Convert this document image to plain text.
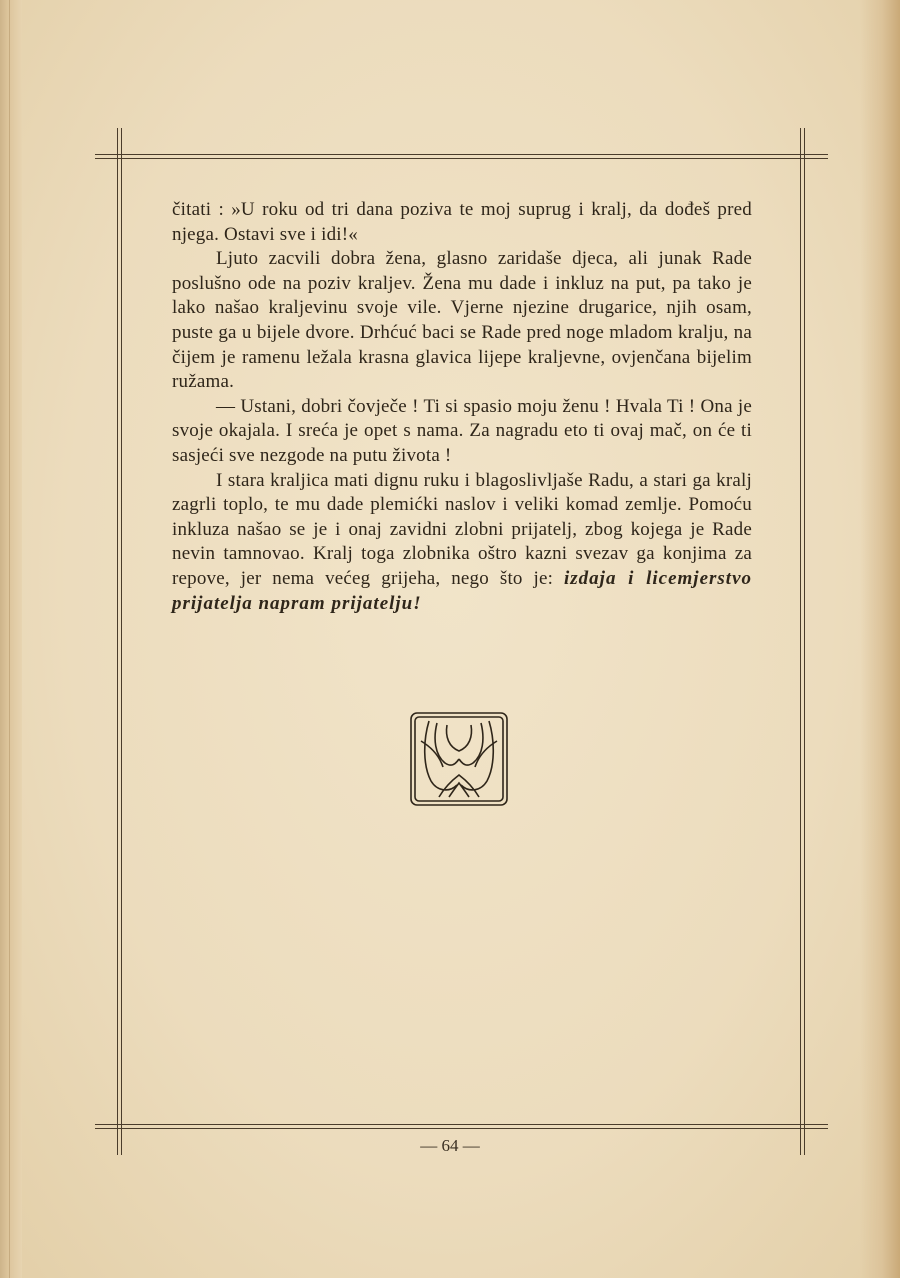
čitati : »U roku od tri dana poziva te moj suprug i kralj, da dođeš pred njega. Ostavi sve i idi!«

Ljuto zacvili dobra žena, glasno zaridaše djeca, ali junak Rade poslušno ode na poziv kraljev. Žena mu dade i inkluz na put, pa tako je lako našao kraljevinu svoje vile. Vjerne njezine drugarice, njih osam, puste ga u bijele dvore. Drhćuć baci se Rade pred noge mladom kralju, na čijem je ramenu ležala krasna glavica lijepe kraljevne, ovjenčana bijelim ružama.

— Ustani, dobri čovječe ! Ti si spasio moju ženu ! Hvala Ti ! Ona je svoje okajala. I sreća je opet s nama. Za nagradu eto ti ovaj mač, on će ti sasjeći sve nezgode na putu života !

I stara kraljica mati dignu ruku i blagoslivljaše Radu, a stari ga kralj zagrli toplo, te mu dade plemićki naslov i veliki komad zemlje. Pomoću inkluza našao se je i onaj zavidni zlobni prijatelj, zbog kojega je Rade nevin tamnovao. Kralj toga zlobnika oštro kazni svezav ga konjima za repove, jer nema većeg grijeha, nego što je: izdaja i licemjerstvo prijatelja napram prijatelju!

— 64 —
